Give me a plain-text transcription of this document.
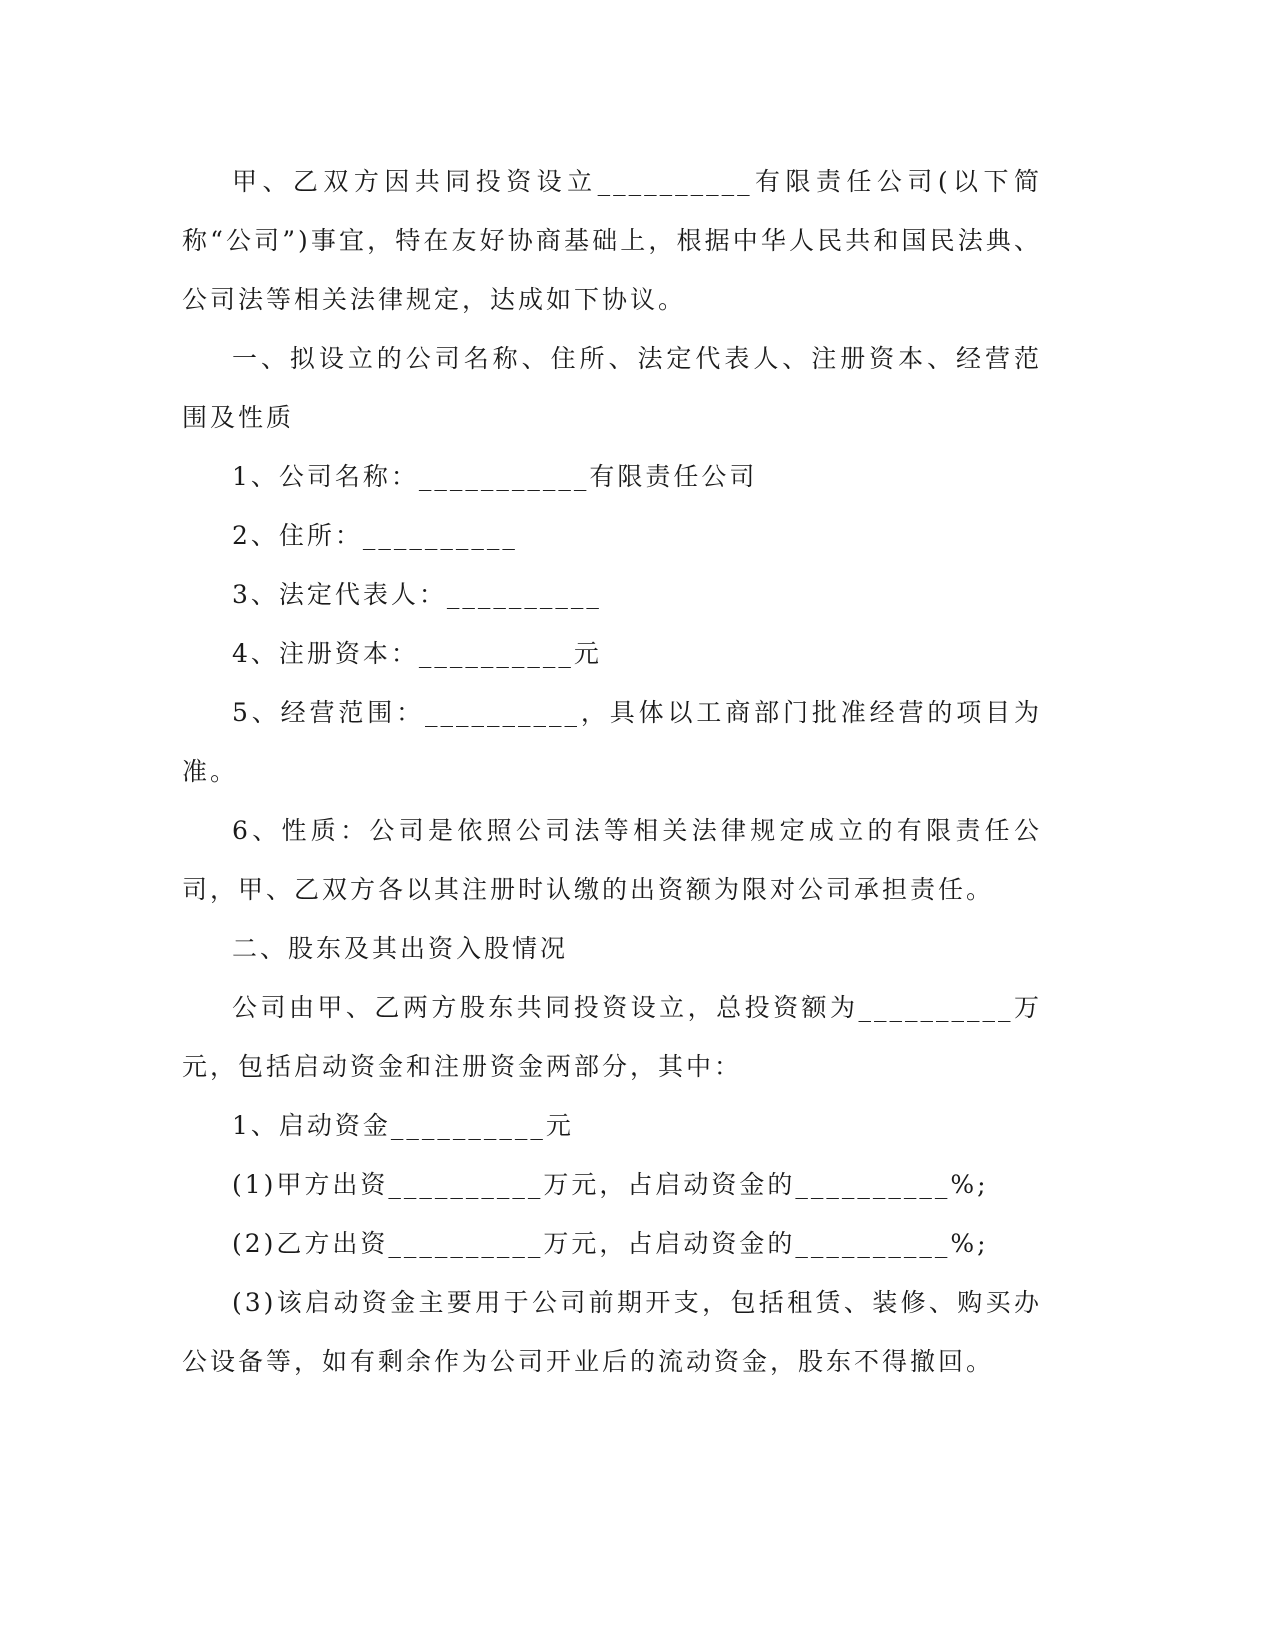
甲、乙双方因共同投资设立__________有限责任公司(以下简称“公司”)事宜，特在友好协商基础上，根据中华人民共和国民法典、公司法等相关法律规定，达成如下协议。

一、拟设立的公司名称、住所、法定代表人、注册资本、经营范围及性质

1、公司名称：___________有限责任公司

2、住所：__________

3、法定代表人：__________

4、注册资本：__________元

5、经营范围：__________，具体以工商部门批准经营的项目为准。

6、性质：公司是依照公司法等相关法律规定成立的有限责任公司，甲、乙双方各以其注册时认缴的出资额为限对公司承担责任。

二、股东及其出资入股情况

公司由甲、乙两方股东共同投资设立，总投资额为__________万元，包括启动资金和注册资金两部分，其中：

1、启动资金__________元

(1)甲方出资__________万元，占启动资金的__________%;

(2)乙方出资__________万元，占启动资金的__________%;

(3)该启动资金主要用于公司前期开支，包括租赁、装修、购买办公设备等，如有剩余作为公司开业后的流动资金，股东不得撤回。
